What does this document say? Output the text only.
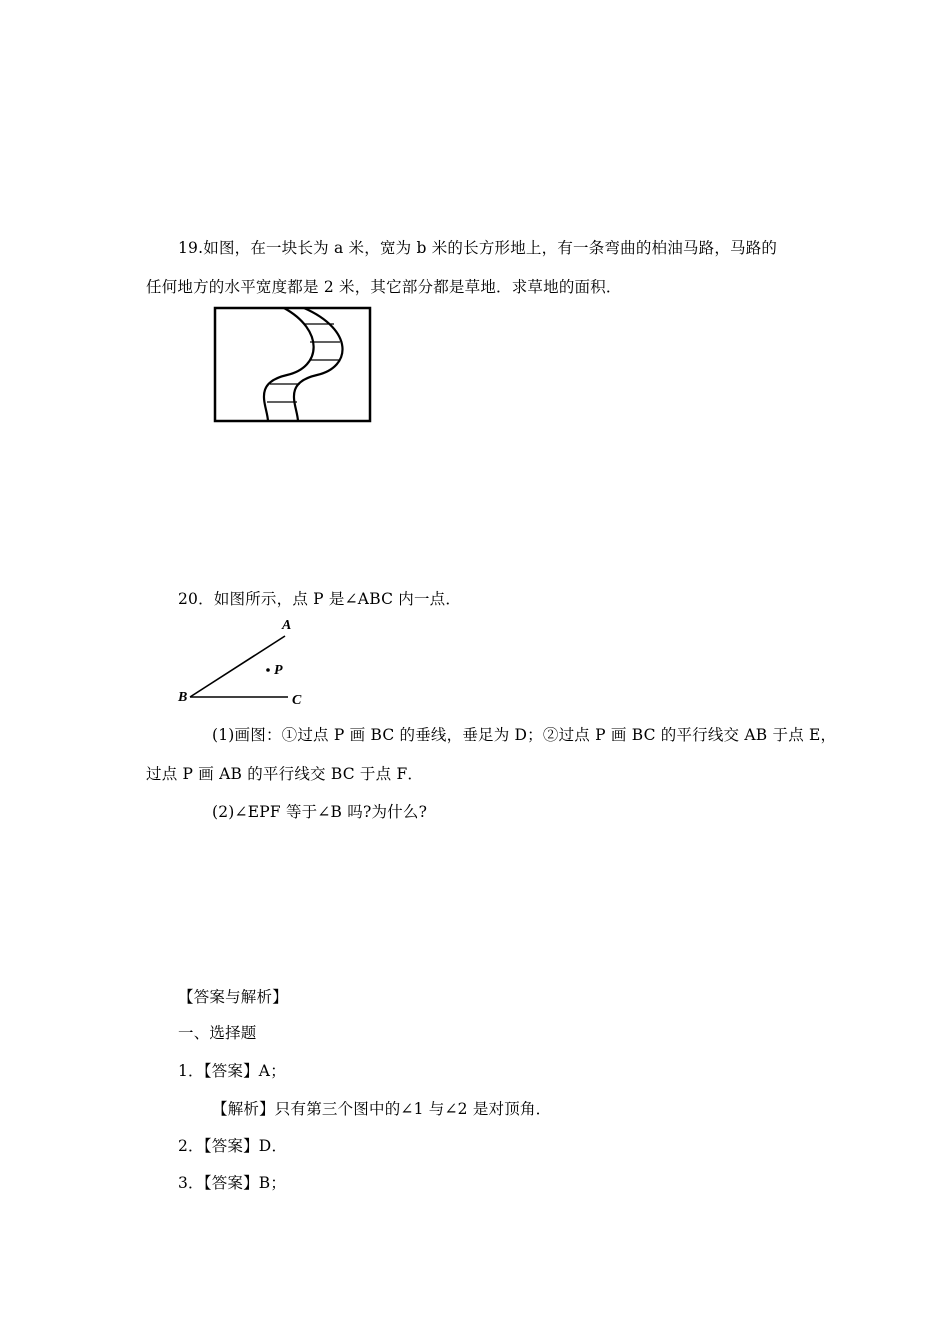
19.如图，在一块长为 a 米，宽为 b 米的长方形地上，有一条弯曲的柏油马路，马路的
任何地方的水平宽度都是 2 米，其它部分都是草地．求草地的面积．
20．如图所示，点 P 是∠ABC 内一点．
A
P
B	C
(1)画图：①过点 P 画 BC 的垂线，垂足为 D；②过点 P 画 BC 的平行线交 AB 于点 E，
过点 P 画 AB 的平行线交 BC 于点 F．
(2)∠EPF 等于∠B 吗?为什么?
【答案与解析】
一、选择题
1．【答案】A；
【解析】只有第三个图中的∠1 与∠2 是对顶角．
2．【答案】D．
3．【答案】B；
